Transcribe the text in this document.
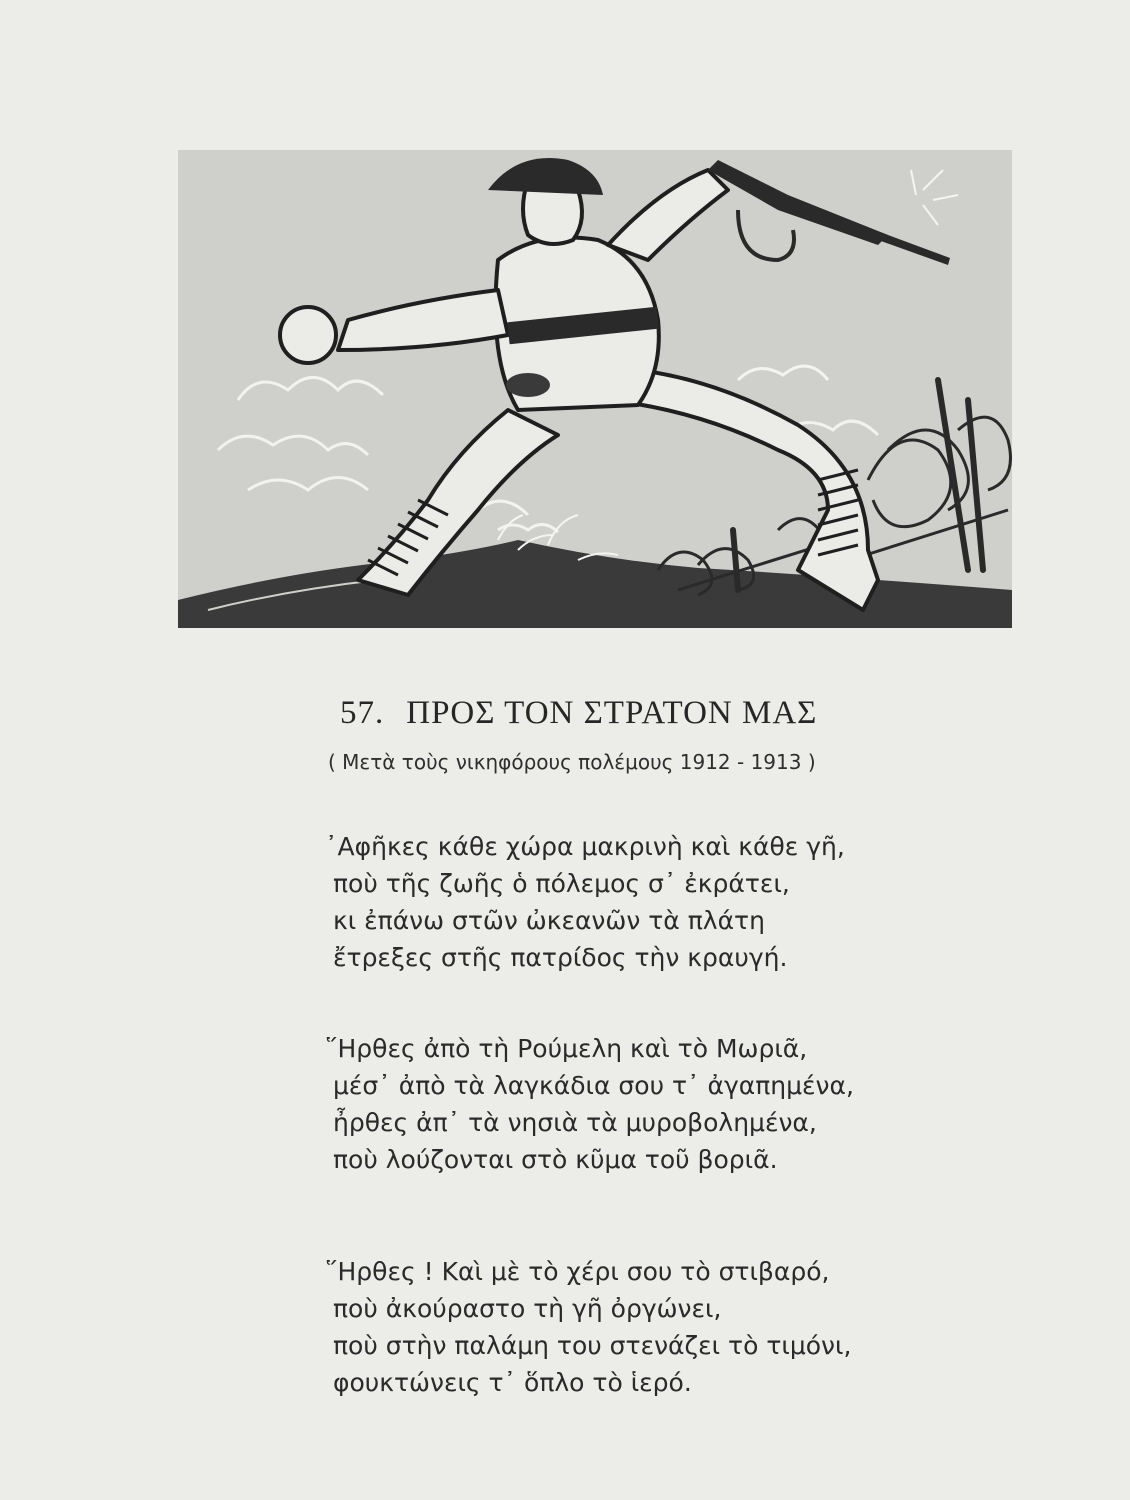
57. ΠΡΟΣ ΤΟΝ ΣΤΡΑΤΟΝ ΜΑΣ
( Μετὰ τοὺς νικηφόρους πολέμους 1912 - 1913 )
᾿Αφῆκες κάθε χώρα μακρινὴ καὶ κάθε γῆ,
ποὺ τῆς ζωῆς ὁ πόλεμος σ᾿ ἐκράτει,
κι ἐπάνω στῶν ὠκεανῶν τὰ πλάτη
ἔτρεξες στῆς πατρίδος τὴν κραυγή.
῞Ηρθες ἀπὸ τὴ Ρούμελη καὶ τὸ Μωριᾶ,
μέσ᾿ ἀπὸ τὰ λαγκάδια σου τ᾿ ἀγαπημένα,
ἦρθες ἀπ᾿ τὰ νησιὰ τὰ μυροβολημένα,
ποὺ λούζονται στὸ κῦμα τοῦ βοριᾶ.
῞Ηρθες ! Καὶ μὲ τὸ χέρι σου τὸ στιβαρό,
ποὺ ἀκούραστο τὴ γῆ ὀργώνει,
ποὺ στὴν παλάμη του στενάζει τὸ τιμόνι,
φουκτώνεις τ᾿ ὅπλο τὸ ἱερό.
